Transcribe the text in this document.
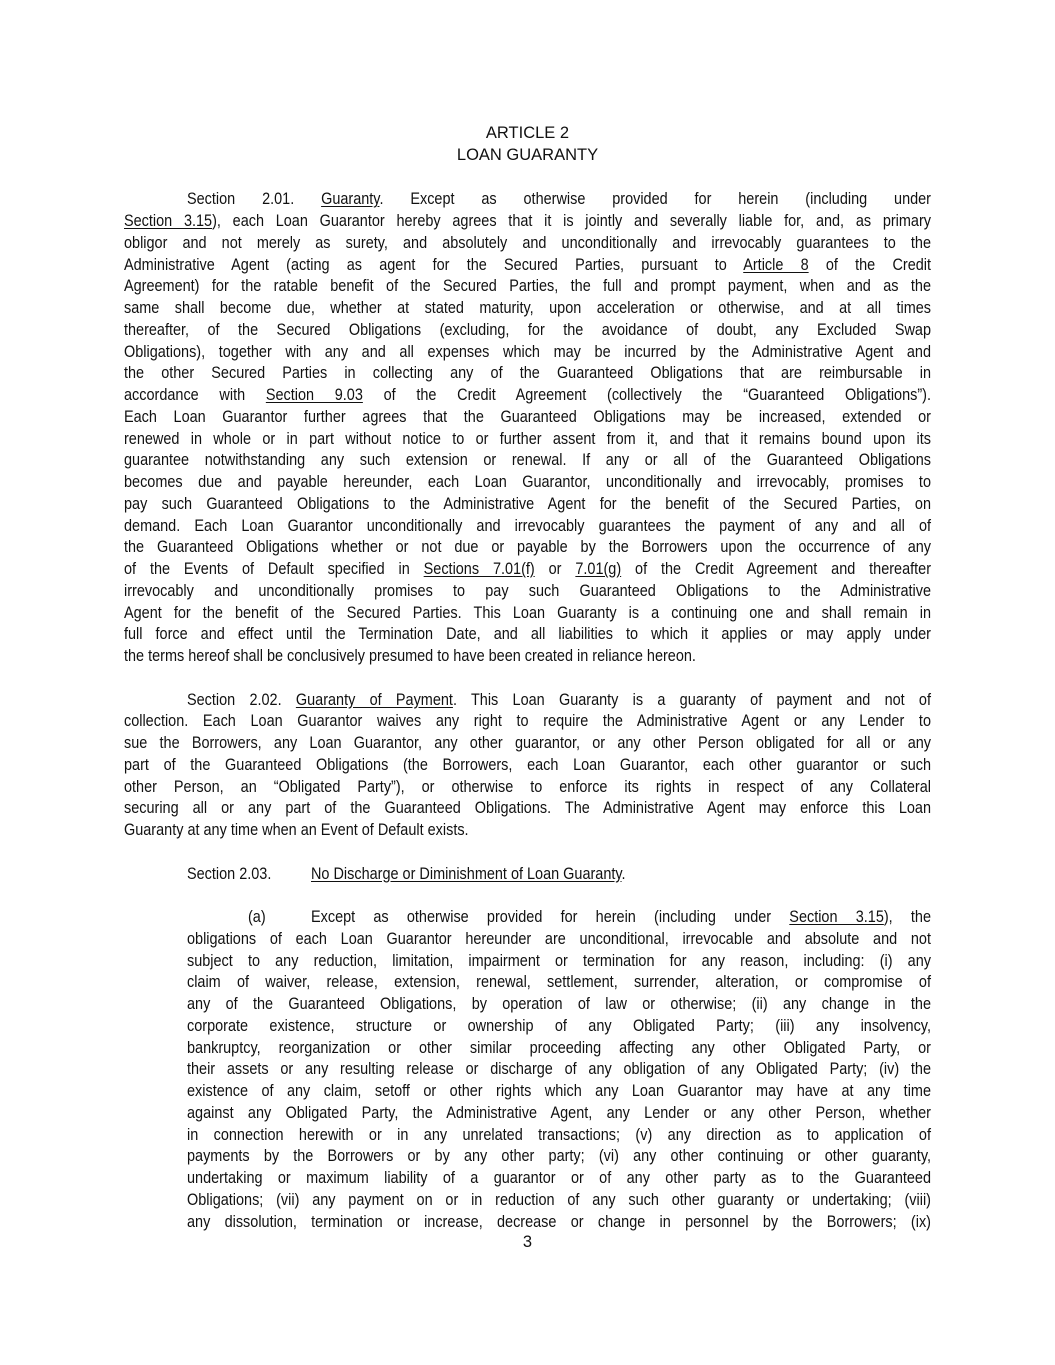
ARTICLE 2
LOAN GUARANTY
Section 2.01. Guaranty. Except as otherwise provided for herein (including under
Section 3.15), each Loan Guarantor hereby agrees that it is jointly and severally liable for, and, as primary
obligor and not merely as surety, and absolutely and unconditionally and irrevocably guarantees to the
Administrative Agent (acting as agent for the Secured Parties, pursuant to Article 8 of the Credit
Agreement) for the ratable benefit of the Secured Parties, the full and prompt payment, when and as the
same shall become due, whether at stated maturity, upon acceleration or otherwise, and at all times
thereafter, of the Secured Obligations (excluding, for the avoidance of doubt, any Excluded Swap
Obligations), together with any and all expenses which may be incurred by the Administrative Agent and
the other Secured Parties in collecting any of the Guaranteed Obligations that are reimbursable in
accordance with Section 9.03 of the Credit Agreement (collectively the “Guaranteed Obligations”).
Each Loan Guarantor further agrees that the Guaranteed Obligations may be increased, extended or
renewed in whole or in part without notice to or further assent from it, and that it remains bound upon its
guarantee notwithstanding any such extension or renewal. If any or all of the Guaranteed Obligations
becomes due and payable hereunder, each Loan Guarantor, unconditionally and irrevocably, promises to
pay such Guaranteed Obligations to the Administrative Agent for the benefit of the Secured Parties, on
demand. Each Loan Guarantor unconditionally and irrevocably guarantees the payment of any and all of
the Guaranteed Obligations whether or not due or payable by the Borrowers upon the occurrence of any
of the Events of Default specified in Sections 7.01(f) or 7.01(g) of the Credit Agreement and thereafter
irrevocably and unconditionally promises to pay such Guaranteed Obligations to the Administrative
Agent for the benefit of the Secured Parties. This Loan Guaranty is a continuing one and shall remain in
full force and effect until the Termination Date, and all liabilities to which it applies or may apply under
the terms hereof shall be conclusively presumed to have been created in reliance hereon.
Section 2.02. Guaranty of Payment. This Loan Guaranty is a guaranty of payment and not of
collection. Each Loan Guarantor waives any right to require the Administrative Agent or any Lender to
sue the Borrowers, any Loan Guarantor, any other guarantor, or any other Person obligated for all or any
part of the Guaranteed Obligations (the Borrowers, each Loan Guarantor, each other guarantor or such
other Person, an “Obligated Party”), or otherwise to enforce its rights in respect of any Collateral
securing all or any part of the Guaranteed Obligations. The Administrative Agent may enforce this Loan
Guaranty at any time when an Event of Default exists.
Section 2.03. No Discharge or Diminishment of Loan Guaranty.
(a)	Except as otherwise provided for herein (including under Section 3.15), the
obligations of each Loan Guarantor hereunder are unconditional, irrevocable and absolute and not
subject to any reduction, limitation, impairment or termination for any reason, including: (i) any
claim of waiver, release, extension, renewal, settlement, surrender, alteration, or compromise of
any of the Guaranteed Obligations, by operation of law or otherwise; (ii) any change in the
corporate existence, structure or ownership of any Obligated Party; (iii) any insolvency,
bankruptcy, reorganization or other similar proceeding affecting any other Obligated Party, or
their assets or any resulting release or discharge of any obligation of any Obligated Party; (iv) the
existence of any claim, setoff or other rights which any Loan Guarantor may have at any time
against any Obligated Party, the Administrative Agent, any Lender or any other Person, whether
in connection herewith or in any unrelated transactions; (v) any direction as to application of
payments by the Borrowers or by any other party; (vi) any other continuing or other guaranty,
undertaking or maximum liability of a guarantor or of any other party as to the Guaranteed
Obligations; (vii) any payment on or in reduction of any such other guaranty or undertaking; (viii)
any dissolution, termination or increase, decrease or change in personnel by the Borrowers; (ix)
3
